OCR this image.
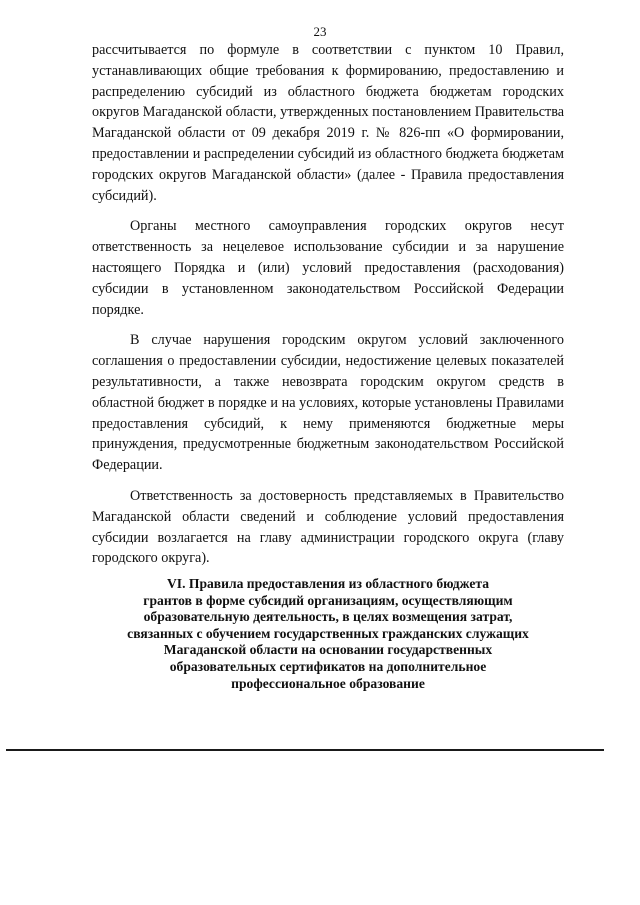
23

рассчитывается по формуле в соответствии с пунктом 10 Правил, устанавливающих общие требования к формированию, предоставлению и распределению субсидий из областного бюджета бюджетам городских округов Магаданской области, утвержденных постановлением Правительства Магаданской области от 09 декабря 2019 г. № 826-пп «О формировании, предоставлении и распределении субсидий из областного бюджета бюджетам городских округов Магаданской области» (далее - Правила предоставления субсидий).

Органы местного самоуправления городских округов несут ответственность за нецелевое использование субсидии и за нарушение настоящего Порядка и (или) условий предоставления (расходования) субсидии в установленном законодательством Российской Федерации порядке.

В случае нарушения городским округом условий заключенного соглашения о предоставлении субсидии, недостижение целевых показателей результативности, а также невозврата городским округом средств в областной бюджет в порядке и на условиях, которые установлены Правилами предоставления субсидий, к нему применяются бюджетные меры принуждения, предусмотренные бюджетным законодательством Российской Федерации.

Ответственность за достоверность представляемых в Правительство Магаданской области сведений и соблюдение условий предоставления субсидии возлагается на главу администрации городского округа (главу городского округа).

VI. Правила предоставления из областного бюджета
грантов в форме субсидий организациям, осуществляющим
образовательную деятельность, в целях возмещения затрат,
связанных с обучением государственных гражданских служащих
Магаданской области на основании государственных
образовательных сертификатов на дополнительное
профессиональное образование
